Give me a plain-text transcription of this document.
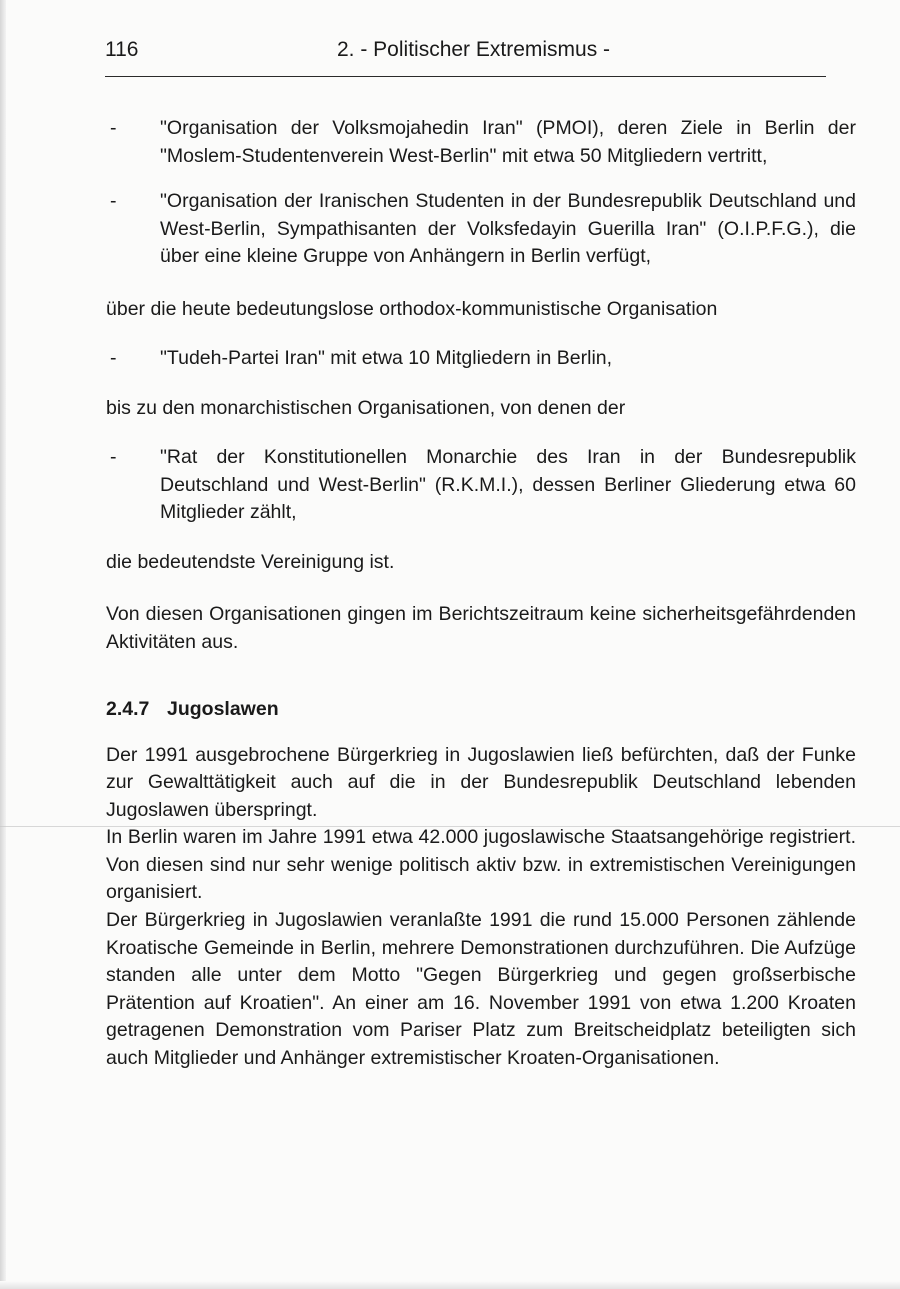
116	2. - Politischer Extremismus -
- "Organisation der Volksmojahedin Iran" (PMOI), deren Ziele in Berlin der "Moslem-Studentenverein West-Berlin" mit etwa 50 Mitgliedern vertritt,
- "Organisation der Iranischen Studenten in der Bundesrepublik Deutschland und West-Berlin, Sympathisanten der Volksfedayin Guerilla Iran" (O.I.P.F.G.), die über eine kleine Gruppe von Anhängern in Berlin verfügt,
über die heute bedeutungslose orthodox-kommunistische Organisation
- "Tudeh-Partei Iran" mit etwa 10 Mitgliedern in Berlin,
bis zu den monarchistischen Organisationen, von denen der
- "Rat der Konstitutionellen Monarchie des Iran in der Bundesrepublik Deutschland und West-Berlin" (R.K.M.I.), dessen Berliner Gliederung etwa 60 Mitglieder zählt,
die bedeutendste Vereinigung ist.
Von diesen Organisationen gingen im Berichtszeitraum keine sicherheitsgefährdenden Aktivitäten aus.
2.4.7 Jugoslawen
Der 1991 ausgebrochene Bürgerkrieg in Jugoslawien ließ befürchten, daß der Funke zur Gewalttätigkeit auch auf die in der Bundesrepublik Deutschland lebenden Jugoslawen überspringt.
In Berlin waren im Jahre 1991 etwa 42.000 jugoslawische Staatsangehörige registriert. Von diesen sind nur sehr wenige politisch aktiv bzw. in extremistischen Vereinigungen organisiert.
Der Bürgerkrieg in Jugoslawien veranlaßte 1991 die rund 15.000 Personen zählende Kroatische Gemeinde in Berlin, mehrere Demonstrationen durchzuführen. Die Aufzüge standen alle unter dem Motto "Gegen Bürgerkrieg und gegen großserbische Prätention auf Kroatien". An einer am 16. November 1991 von etwa 1.200 Kroaten getragenen Demonstration vom Pariser Platz zum Breitscheidplatz beteiligten sich auch Mitglieder und Anhänger extremistischer Kroaten-Organisationen.
